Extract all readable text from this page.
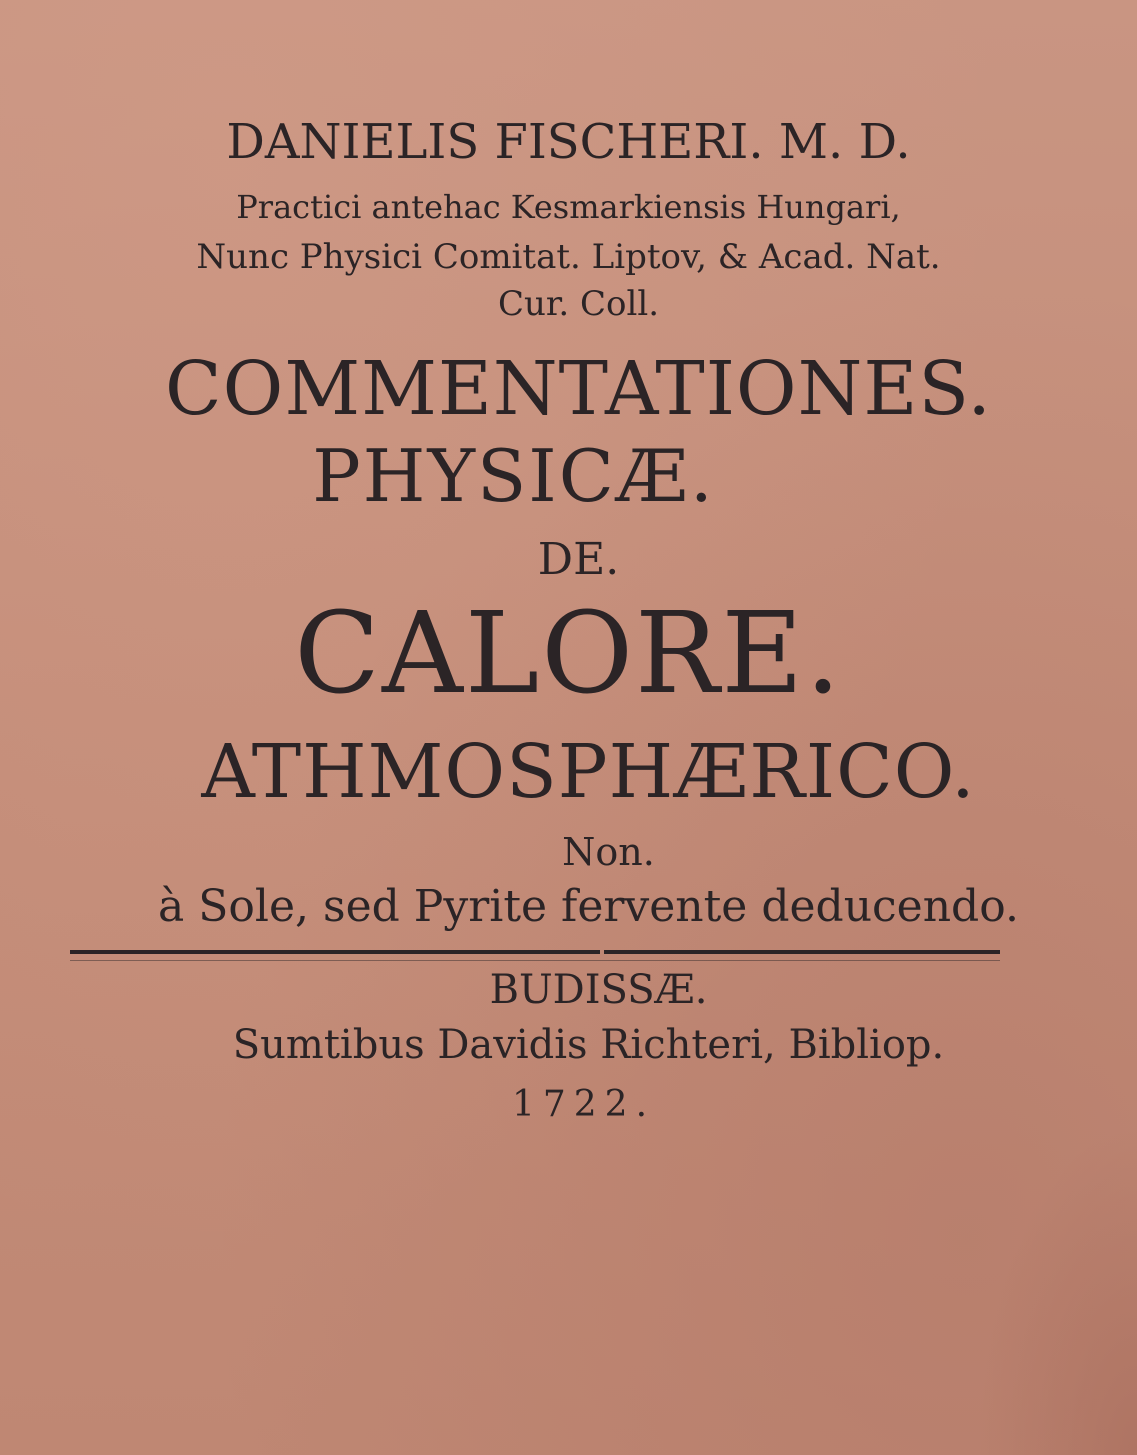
DANIELIS FISCHERI. M. D.
Practici antehac Kesmarkiensis Hungari,
Nunc Physici Comitat. Liptov, & Acad. Nat.
Cur. Coll.
COMMENTATIONES.
PHYSICÆ.
DE.
CALORE.
ATHMOSPHÆRICO.
Non.
à Sole, sed Pyrite fervente deducendo.
BUDISSÆ.
Sumtibus Davidis Richteri, Bibliop.
1722.
